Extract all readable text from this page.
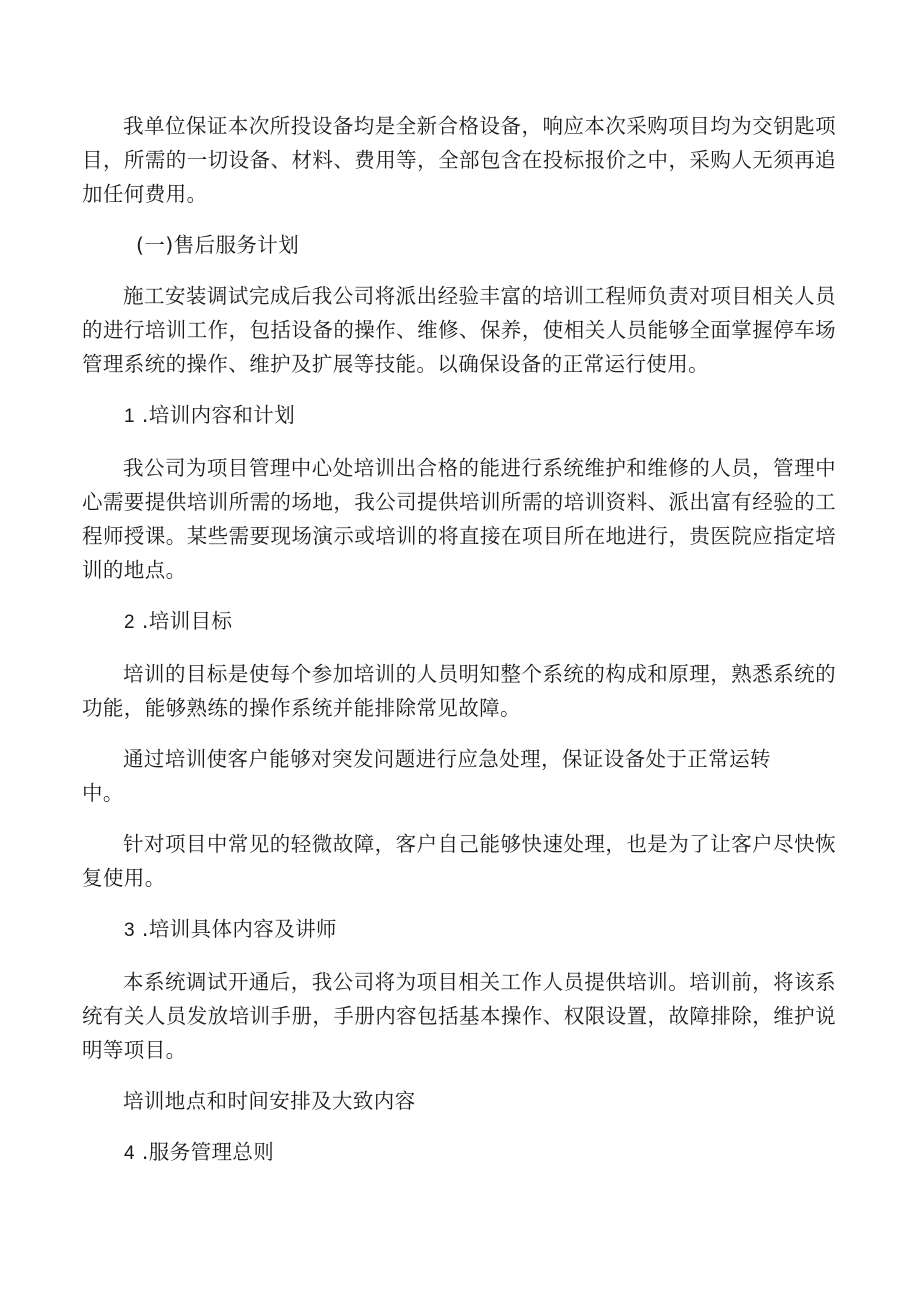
我单位保证本次所投设备均是全新合格设备，响应本次采购项目均为交钥匙项目，所需的一切设备、材料、费用等，全部包含在投标报价之中，采购人无须再追加任何费用。

(一)售后服务计划

施工安装调试完成后我公司将派出经验丰富的培训工程师负责对项目相关人员的进行培训工作，包括设备的操作、维修、保养，使相关人员能够全面掌握停车场管理系统的操作、维护及扩展等技能。以确保设备的正常运行使用。

1 .培训内容和计划

我公司为项目管理中心处培训出合格的能进行系统维护和维修的人员，管理中心需要提供培训所需的场地，我公司提供培训所需的培训资料、派出富有经验的工程师授课。某些需要现场演示或培训的将直接在项目所在地进行，贵医院应指定培训的地点。

2 .培训目标

培训的目标是使每个参加培训的人员明知整个系统的构成和原理，熟悉系统的功能，能够熟练的操作系统并能排除常见故障。

通过培训使客户能够对突发问题进行应急处理，保证设备处于正常运转中。

针对项目中常见的轻微故障，客户自己能够快速处理，也是为了让客户尽快恢复使用。

3 .培训具体内容及讲师

本系统调试开通后，我公司将为项目相关工作人员提供培训。培训前，将该系统有关人员发放培训手册，手册内容包括基本操作、权限设置，故障排除，维护说明等项目。

培训地点和时间安排及大致内容

4 .服务管理总则
